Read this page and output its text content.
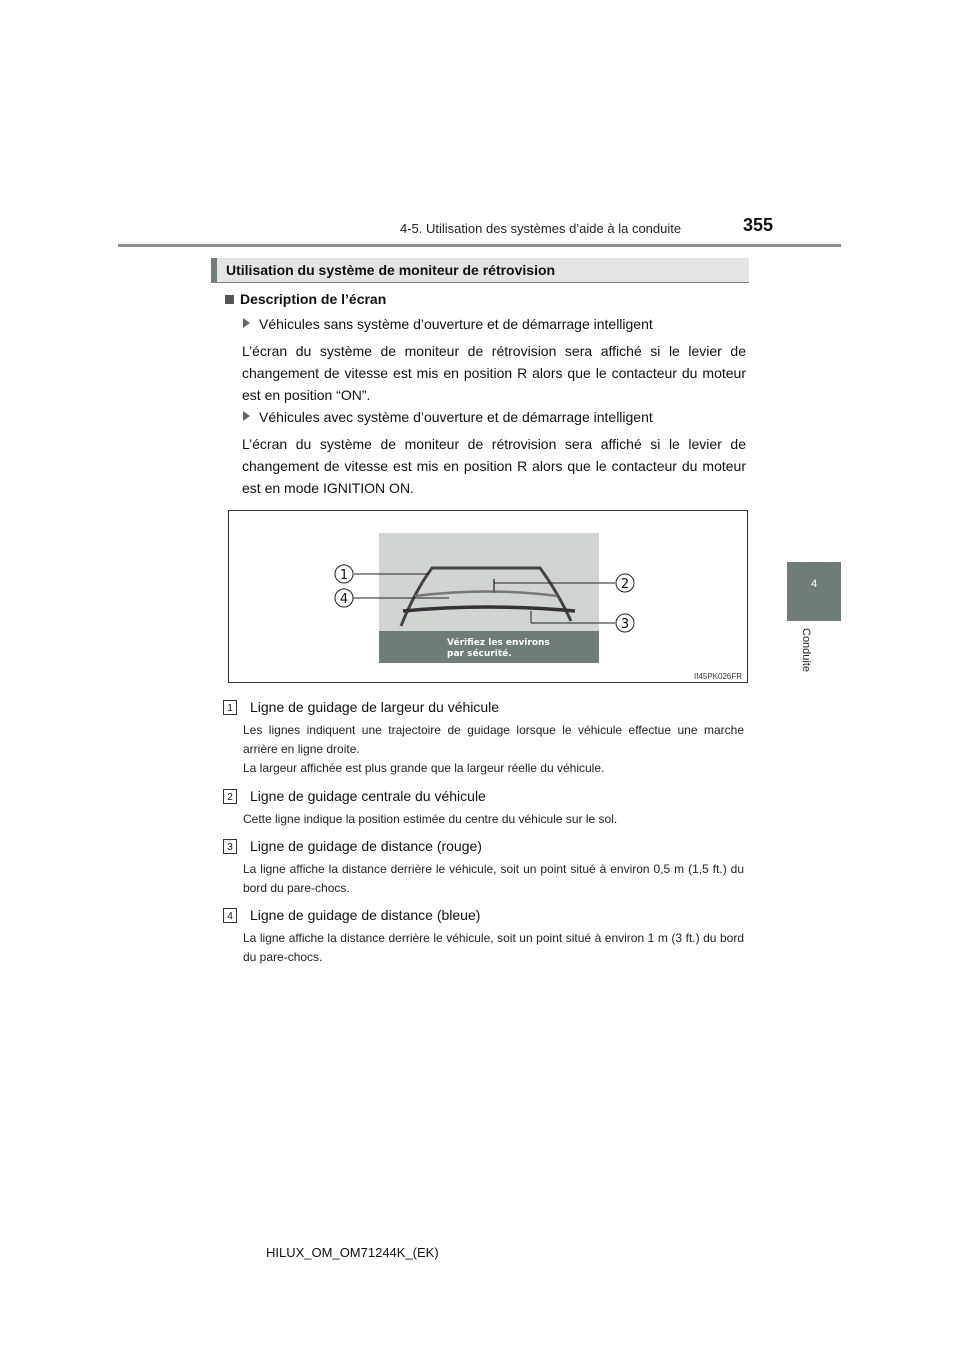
4-5. Utilisation des systèmes d’aide à la conduite	355
4
Conduite
Utilisation du système de moniteur de rétrovision
Description de l’écran
Véhicules sans système d’ouverture et de démarrage intelligent
L’écran du système de moniteur de rétrovision sera affiché si le levier de changement de vitesse est mis en position R alors que le contacteur du moteur est en position “ON”.
Véhicules avec système d’ouverture et de démarrage intelligent
L’écran du système de moniteur de rétrovision sera affiché si le levier de changement de vitesse est mis en position R alors que le contacteur du moteur est en mode IGNITION ON.
Vérifiez les environs
par sécurité.
1
2
3
4
II45PK026FR
1 Ligne de guidage de largeur du véhicule
Les lignes indiquent une trajectoire de guidage lorsque le véhicule effectue une marche arrière en ligne droite.
La largeur affichée est plus grande que la largeur réelle du véhicule.
2 Ligne de guidage centrale du véhicule
Cette ligne indique la position estimée du centre du véhicule sur le sol.
3 Ligne de guidage de distance (rouge)
La ligne affiche la distance derrière le véhicule, soit un point situé à environ 0,5 m (1,5 ft.) du bord du pare-chocs.
4 Ligne de guidage de distance (bleue)
La ligne affiche la distance derrière le véhicule, soit un point situé à environ 1 m (3 ft.) du bord du pare-chocs.
HILUX_OM_OM71244K_(EK)
